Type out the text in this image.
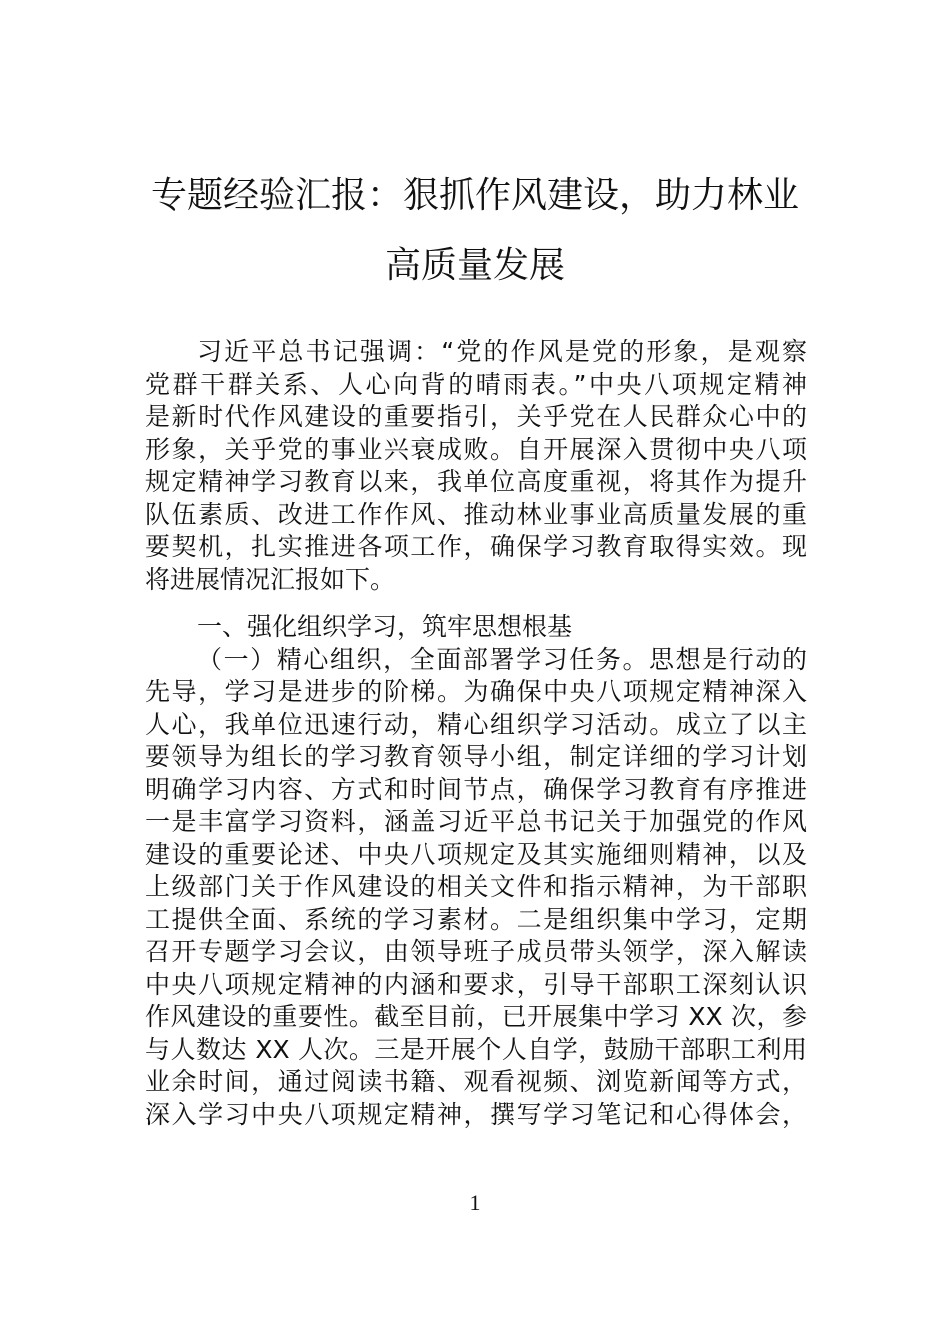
专题经验汇报：狠抓作风建设，助力林业
高质量发展
习近平总书记强调：“党的作风是党的形象，是观察
党群干群关系、人心向背的晴雨表。”中央八项规定精神
是新时代作风建设的重要指引，关乎党在人民群众心中的
形象，关乎党的事业兴衰成败。自开展深入贯彻中央八项
规定精神学习教育以来，我单位高度重视，将其作为提升
队伍素质、改进工作作风、推动林业事业高质量发展的重
要契机，扎实推进各项工作，确保学习教育取得实效。现
将进展情况汇报如下。
一、强化组织学习，筑牢思想根基
（一）精心组织，全面部署学习任务。思想是行动的
先导，学习是进步的阶梯。为确保中央八项规定精神深入
人心，我单位迅速行动，精心组织学习活动。成立了以主
要领导为组长的学习教育领导小组，制定详细的学习计划
明确学习内容、方式和时间节点，确保学习教育有序推进
一是丰富学习资料，涵盖习近平总书记关于加强党的作风
建设的重要论述、中央八项规定及其实施细则精神，以及
上级部门关于作风建设的相关文件和指示精神，为干部职
工提供全面、系统的学习素材。二是组织集中学习，定期
召开专题学习会议，由领导班子成员带头领学，深入解读
中央八项规定精神的内涵和要求，引导干部职工深刻认识
作风建设的重要性。截至目前，已开展集中学习 XX 次，参
与人数达 XX 人次。三是开展个人自学，鼓励干部职工利用
业余时间，通过阅读书籍、观看视频、浏览新闻等方式，
深入学习中央八项规定精神，撰写学习笔记和心得体会，
1
